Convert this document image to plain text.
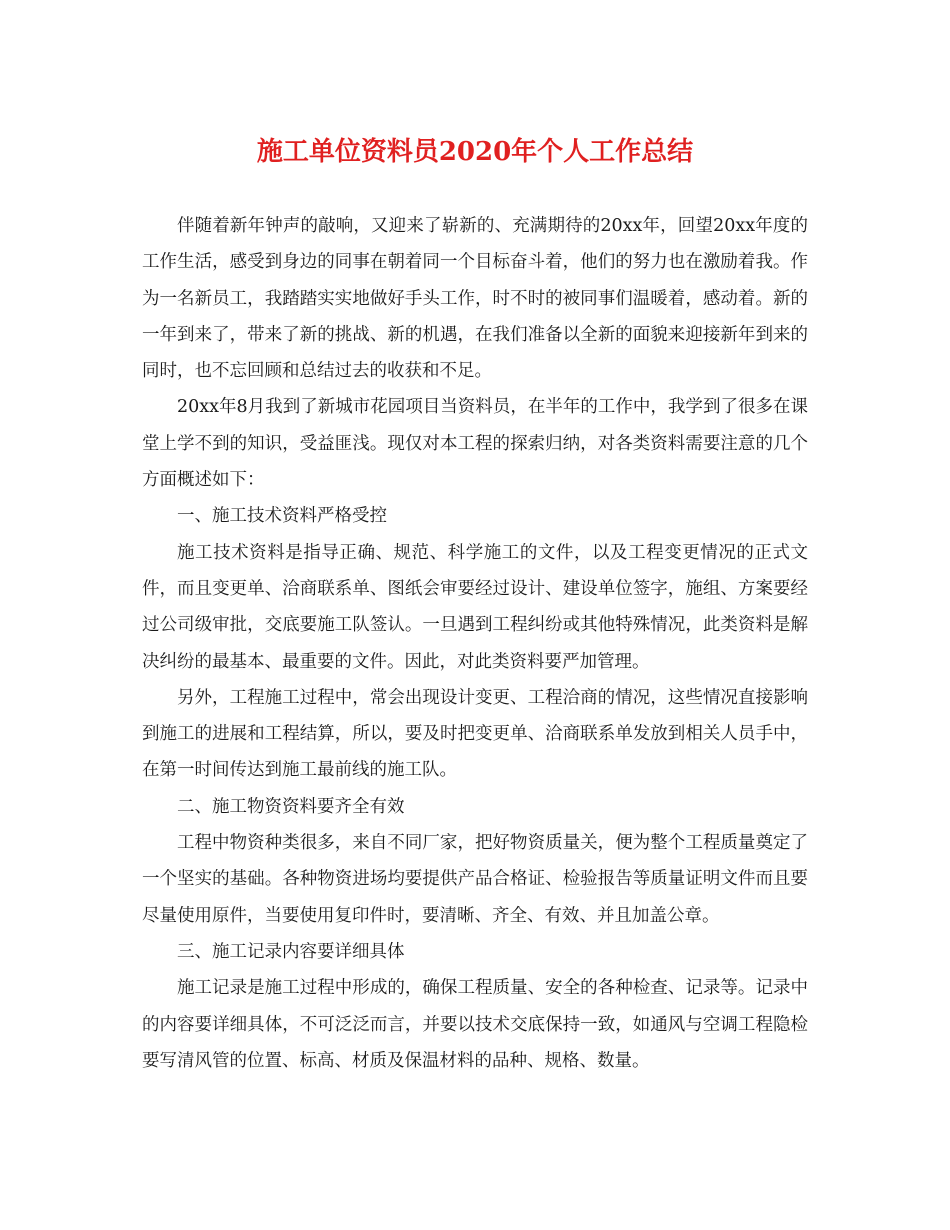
施工单位资料员2020年个人工作总结

伴随着新年钟声的敲响，又迎来了崭新的、充满期待的20xx年，回望20xx年度的工作生活，感受到身边的同事在朝着同一个目标奋斗着，他们的努力也在激励着我。作为一名新员工，我踏踏实实地做好手头工作，时不时的被同事们温暖着，感动着。新的一年到来了，带来了新的挑战、新的机遇，在我们准备以全新的面貌来迎接新年到来的同时，也不忘回顾和总结过去的收获和不足。

20xx年8月我到了新城市花园项目当资料员，在半年的工作中，我学到了很多在课堂上学不到的知识，受益匪浅。现仅对本工程的探索归纳，对各类资料需要注意的几个方面概述如下：

一、施工技术资料严格受控

施工技术资料是指导正确、规范、科学施工的文件，以及工程变更情况的正式文件，而且变更单、洽商联系单、图纸会审要经过设计、建设单位签字，施组、方案要经过公司级审批，交底要施工队签认。一旦遇到工程纠纷或其他特殊情况，此类资料是解决纠纷的最基本、最重要的文件。因此，对此类资料要严加管理。

另外，工程施工过程中，常会出现设计变更、工程洽商的情况，这些情况直接影响到施工的进展和工程结算，所以，要及时把变更单、洽商联系单发放到相关人员手中，在第一时间传达到施工最前线的施工队。

二、施工物资资料要齐全有效

工程中物资种类很多，来自不同厂家，把好物资质量关，便为整个工程质量奠定了一个坚实的基础。各种物资进场均要提供产品合格证、检验报告等质量证明文件而且要尽量使用原件，当要使用复印件时，要清晰、齐全、有效、并且加盖公章。

三、施工记录内容要详细具体

施工记录是施工过程中形成的，确保工程质量、安全的各种检查、记录等。记录中的内容要详细具体，不可泛泛而言，并要以技术交底保持一致，如通风与空调工程隐检要写清风管的位置、标高、材质及保温材料的品种、规格、数量。
